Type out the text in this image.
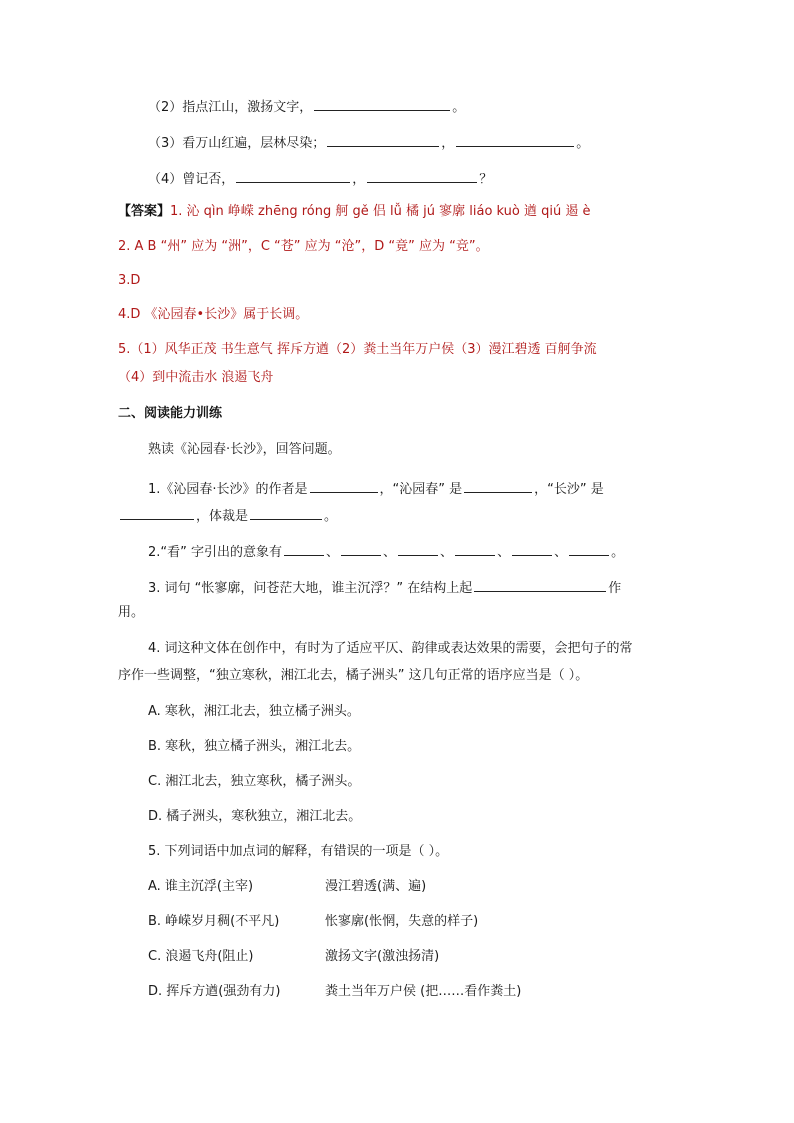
（2）指点江山，激扬文字，	。
（3）看万山红遍，层林尽染；	，	。
（4）曾记否，	，	？
【答案】1. 沁 qìn 峥嵘 zhēng róng 舸 gě 侣 lǚ 橘 jú 寥廓 liáo kuò 遒 qiú 遏 è
2. A B “州” 应为 “洲”，C “苍” 应为 “沧”，D “竟” 应为 “竞”。
3.D
4.D 《沁园春•长沙》属于长调。
5.（1）风华正茂 书生意气 挥斥方遒（2）粪土当年万户侯（3）漫江碧透 百舸争流
（4）到中流击水 浪遏飞舟
二、阅读能力训练
熟读《沁园春·长沙》，回答问题。
1.《沁园春·长沙》的作者是	，“沁园春” 是	，“长沙” 是
，体裁是	。
2.“看” 字引出的意象有	、	、	、	、	、	。
3. 词句 “怅寥廓，问苍茫大地，谁主沉浮？” 在结构上起	作
用。
4. 词这种文体在创作中，有时为了适应平仄、韵律或表达效果的需要，会把句子的常
序作一些调整，“独立寒秋，湘江北去，橘子洲头” 这几句正常的语序应当是（ ）。
A. 寒秋，湘江北去，独立橘子洲头。
B. 寒秋，独立橘子洲头，湘江北去。
C. 湘江北去，独立寒秋，橘子洲头。
D. 橘子洲头，寒秋独立，湘江北去。
5. 下列词语中加点词的解释，有错误的一项是（ ）。
A. 谁主沉浮(主宰)	漫江碧透(满、遍)
B. 峥嵘岁月稠(不平凡)	怅寥廓(怅惘，失意的样子)
C. 浪遏飞舟(阻止)	激扬文字(激浊扬清)
D. 挥斥方遒(强劲有力)	粪土当年万户侯 (把……看作粪土)
